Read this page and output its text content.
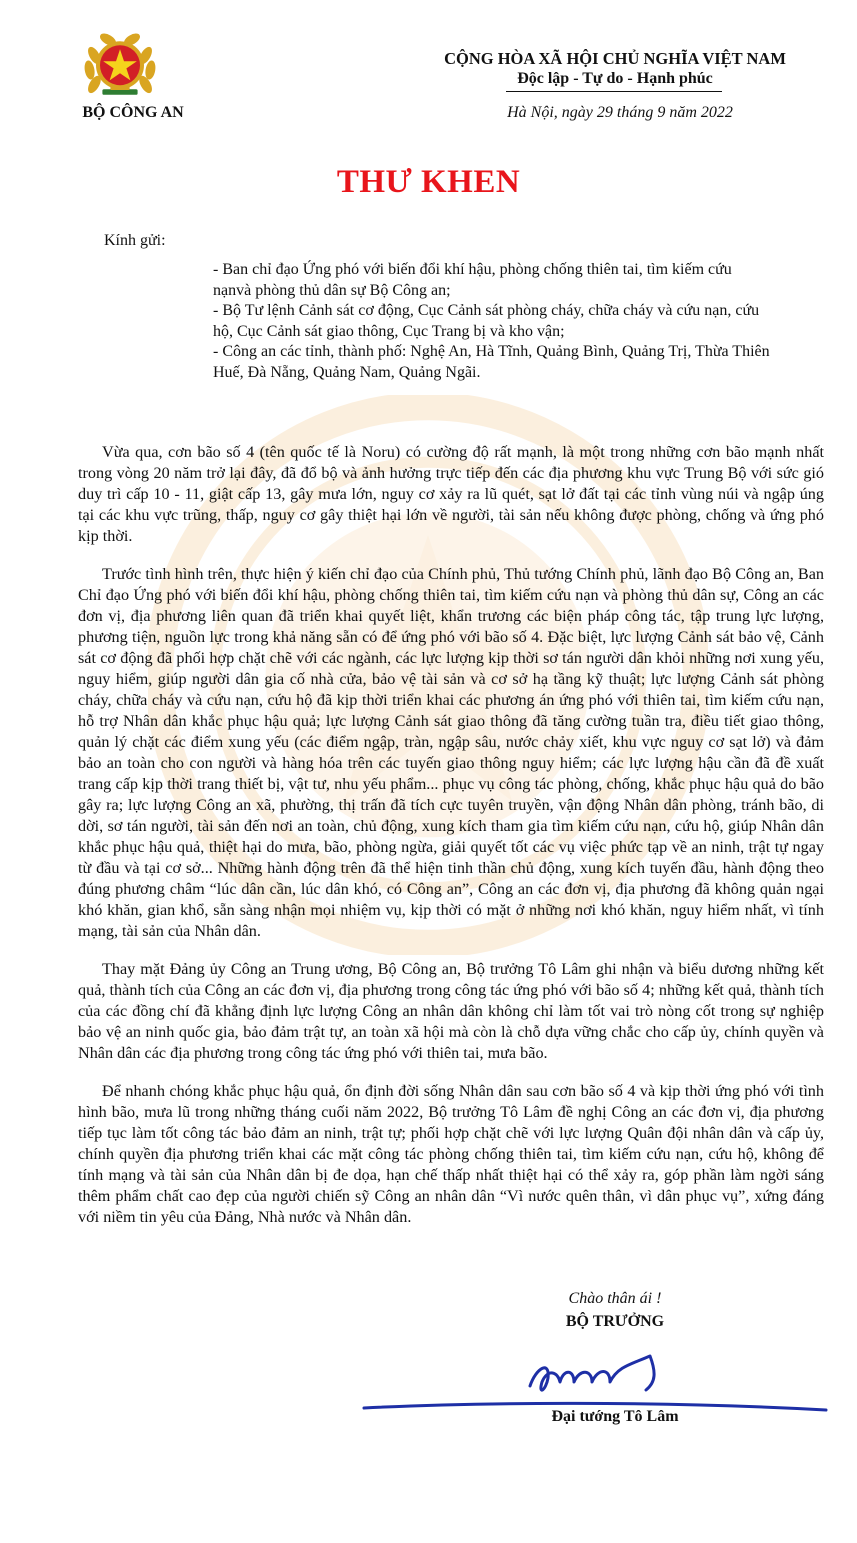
BỘ CÔNG AN
CỘNG HÒA XÃ HỘI CHỦ NGHĨA VIỆT NAM
Độc lập - Tự do - Hạnh phúc
Hà Nội, ngày 29 tháng 9 năm 2022
THƯ KHEN
Kính gửi:
- Ban chỉ đạo Ứng phó với biến đổi khí hậu, phòng chống thiên tai, tìm kiếm cứu nạnvà phòng thủ dân sự Bộ Công an;
- Bộ Tư lệnh Cảnh sát cơ động, Cục Cảnh sát phòng cháy, chữa cháy và cứu nạn, cứu hộ, Cục Cảnh sát giao thông, Cục Trang bị và kho vận;
- Công an các tỉnh, thành phố: Nghệ An, Hà Tĩnh, Quảng Bình, Quảng Trị, Thừa Thiên Huế, Đà Nẵng, Quảng Nam, Quảng Ngãi.

Vừa qua, cơn bão số 4 (tên quốc tế là Noru) có cường độ rất mạnh, là một trong những cơn bão mạnh nhất trong vòng 20 năm trở lại đây, đã đổ bộ và ảnh hưởng trực tiếp đến các địa phương khu vực Trung Bộ với sức gió duy trì cấp 10 - 11, giật cấp 13, gây mưa lớn, nguy cơ xảy ra lũ quét, sạt lở đất tại các tỉnh vùng núi và ngập úng tại các khu vực trũng, thấp, nguy cơ gây thiệt hại lớn về người, tài sản nếu không được phòng, chống và ứng phó kịp thời.

Trước tình hình trên, thực hiện ý kiến chỉ đạo của Chính phủ, Thủ tướng Chính phủ, lãnh đạo Bộ Công an, Ban Chỉ đạo Ứng phó với biến đổi khí hậu, phòng chống thiên tai, tìm kiếm cứu nạn và phòng thủ dân sự, Công an các đơn vị, địa phương liên quan đã triển khai quyết liệt, khẩn trương các biện pháp công tác, tập trung lực lượng, phương tiện, nguồn lực trong khả năng sẵn có để ứng phó với bão số 4. Đặc biệt, lực lượng Cảnh sát bảo vệ, Cảnh sát cơ động đã phối hợp chặt chẽ với các ngành, các lực lượng kịp thời sơ tán người dân khỏi những nơi xung yếu, nguy hiểm, giúp người dân gia cố nhà cửa, bảo vệ tài sản và cơ sở hạ tầng kỹ thuật; lực lượng Cảnh sát phòng cháy, chữa cháy và cứu nạn, cứu hộ đã kịp thời triển khai các phương án ứng phó với thiên tai, tìm kiếm cứu nạn, hỗ trợ Nhân dân khắc phục hậu quả; lực lượng Cảnh sát giao thông đã tăng cường tuần tra, điều tiết giao thông, quản lý chặt các điểm xung yếu (các điểm ngập, tràn, ngập sâu, nước chảy xiết, khu vực nguy cơ sạt lở) và đảm bảo an toàn cho con người và hàng hóa trên các tuyến giao thông nguy hiểm; các lực lượng hậu cần đã đề xuất trang cấp kịp thời trang thiết bị, vật tư, nhu yếu phẩm... phục vụ công tác phòng, chống, khắc phục hậu quả do bão gây ra; lực lượng Công an xã, phường, thị trấn đã tích cực tuyên truyền, vận động Nhân dân phòng, tránh bão, di dời, sơ tán người, tài sản đến nơi an toàn, chủ động, xung kích tham gia tìm kiếm cứu nạn, cứu hộ, giúp Nhân dân khắc phục hậu quả, thiệt hại do mưa, bão, phòng ngừa, giải quyết tốt các vụ việc phức tạp về an ninh, trật tự ngay từ đầu và tại cơ sở... Những hành động trên đã thể hiện tinh thần chủ động, xung kích tuyến đầu, hành động theo đúng phương châm “lúc dân cần, lúc dân khó, có Công an”, Công an các đơn vị, địa phương đã không quản ngại khó khăn, gian khổ, sẵn sàng nhận mọi nhiệm vụ, kịp thời có mặt ở những nơi khó khăn, nguy hiểm nhất, vì tính mạng, tài sản của Nhân dân.

Thay mặt Đảng ủy Công an Trung ương, Bộ Công an, Bộ trưởng Tô Lâm ghi nhận và biểu dương những kết quả, thành tích của Công an các đơn vị, địa phương trong công tác ứng phó với bão số 4; những kết quả, thành tích của các đồng chí đã khẳng định lực lượng Công an nhân dân không chỉ làm tốt vai trò nòng cốt trong sự nghiệp bảo vệ an ninh quốc gia, bảo đảm trật tự, an toàn xã hội mà còn là chỗ dựa vững chắc cho cấp ủy, chính quyền và Nhân dân các địa phương trong công tác ứng phó với thiên tai, mưa bão.

Để nhanh chóng khắc phục hậu quả, ổn định đời sống Nhân dân sau cơn bão số 4 và kịp thời ứng phó với tình hình bão, mưa lũ trong những tháng cuối năm 2022, Bộ trưởng Tô Lâm đề nghị Công an các đơn vị, địa phương tiếp tục làm tốt công tác bảo đảm an ninh, trật tự; phối hợp chặt chẽ với lực lượng Quân đội nhân dân và cấp ủy, chính quyền địa phương triển khai các mặt công tác phòng chống thiên tai, tìm kiếm cứu nạn, cứu hộ, không để tính mạng và tài sản của Nhân dân bị đe dọa, hạn chế thấp nhất thiệt hại có thể xảy ra, góp phần làm ngời sáng thêm phẩm chất cao đẹp của người chiến sỹ Công an nhân dân “Vì nước quên thân, vì dân phục vụ”, xứng đáng với niềm tin yêu của Đảng, Nhà nước và Nhân dân.

Chào thân ái !
BỘ TRƯỞNG
Đại tướng Tô Lâm
